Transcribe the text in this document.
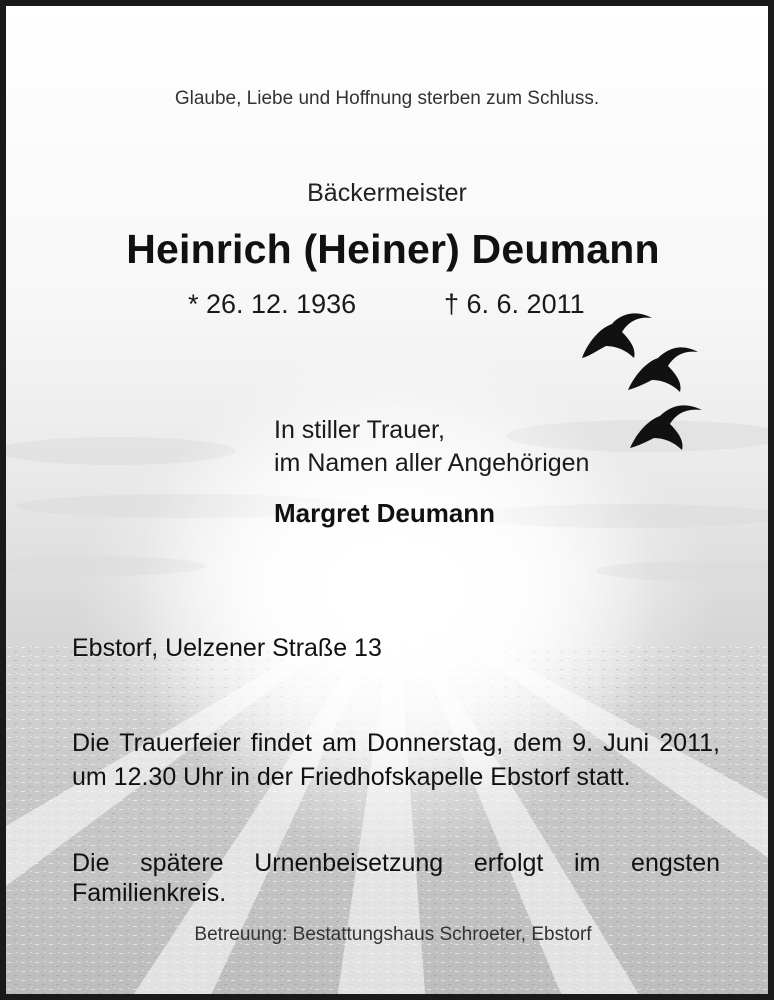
Glaube, Liebe und Hoffnung sterben zum Schluss.

Bäckermeister

Heinrich (Heiner) Deumann

* 26. 12. 1936	† 6. 6. 2011

In stiller Trauer,

im Namen aller Angehörigen

Margret Deumann

Ebstorf, Uelzener Straße 13

Die Trauerfeier findet am Donnerstag, dem 9. Juni 2011, um 12.30 Uhr in der Friedhofskapelle Ebstorf statt.

Die spätere Urnenbeisetzung erfolgt im engsten Familienkreis.

Betreuung: Bestattungshaus Schroeter, Ebstorf
